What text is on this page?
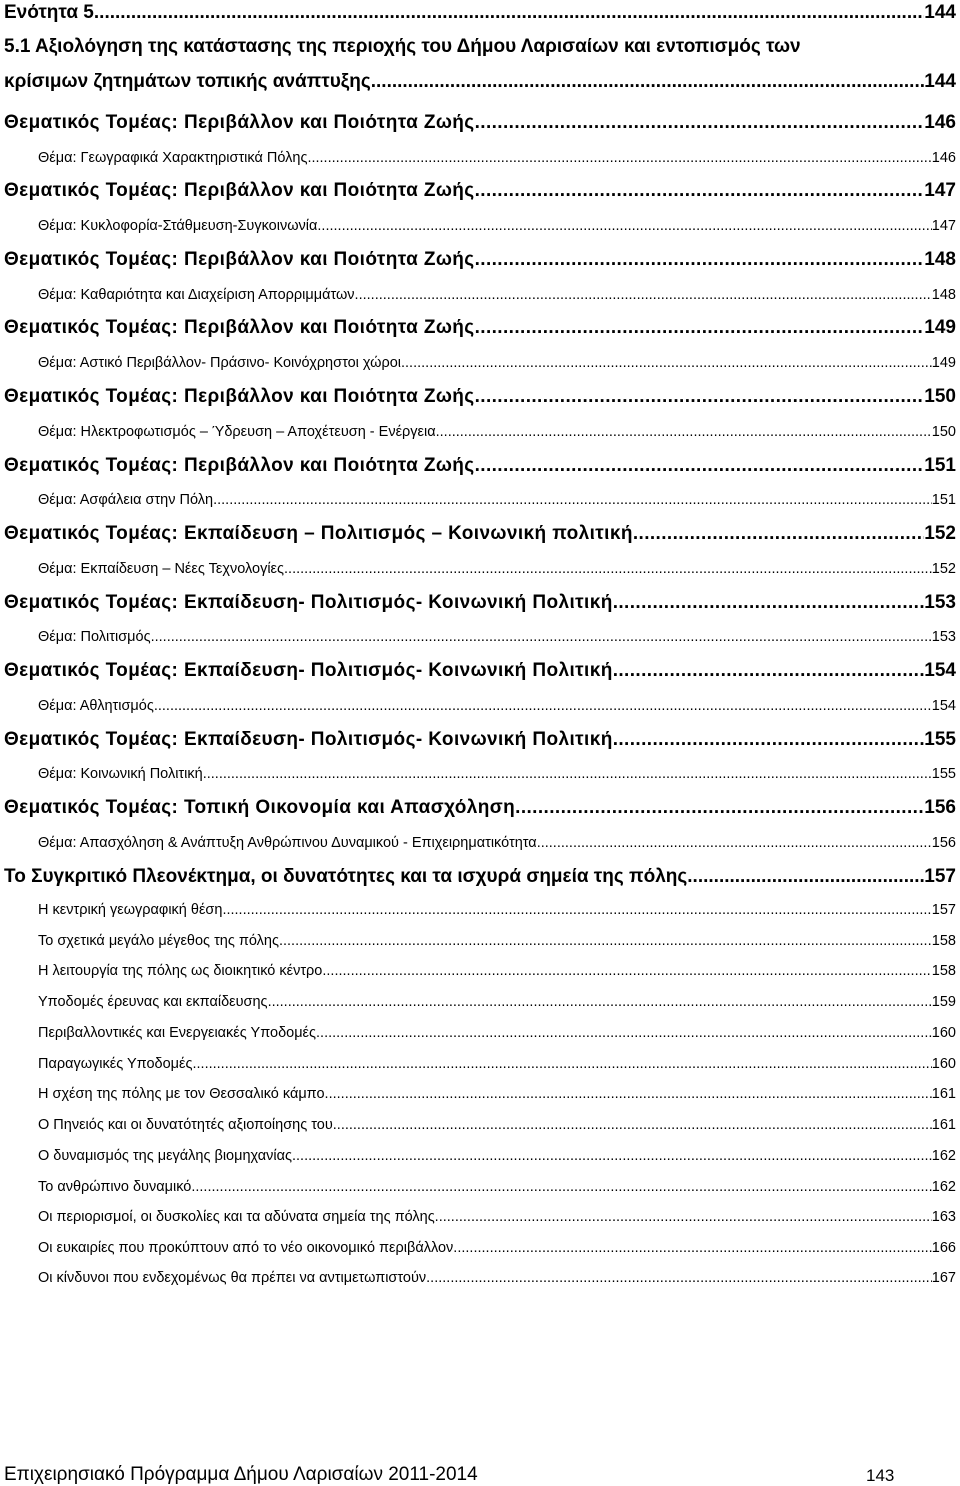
Ενότητα 5 .....	144
5.1 Αξιολόγηση της κατάστασης της περιοχής του Δήμου Λαρισαίων και εντοπισμός των
κρίσιμων ζητημάτων τοπικής ανάπτυξης .....	144
Θεματικός Τομέας: Περιβάλλον και Ποιότητα Ζωής. .....	146
Θέμα: Γεωγραφικά Χαρακτηριστικά Πόλης. .....	146
Θεματικός Τομέας: Περιβάλλον και Ποιότητα Ζωής. .....	147
Θέμα: Κυκλοφορία-Στάθμευση-Συγκοινωνία. .....	147
Θεματικός Τομέας: Περιβάλλον και Ποιότητα Ζωής. .....	148
Θέμα: Καθαριότητα και Διαχείριση Απορριμμάτων. .....	148
Θεματικός Τομέας: Περιβάλλον και Ποιότητα Ζωής. .....	149
Θέμα: Αστικό Περιβάλλον- Πράσινο- Κοινόχρηστοι χώροι. .....	149
Θεματικός Τομέας: Περιβάλλον και Ποιότητα Ζωής. .....	150
Θέμα: Ηλεκτροφωτισμός – Ύδρευση – Αποχέτευση - Ενέργεια. .....	150
Θεματικός Τομέας: Περιβάλλον και Ποιότητα Ζωής. .....	151
Θέμα: Ασφάλεια στην Πόλη. .....	151
Θεματικός Τομέας: Εκπαίδευση – Πολιτισμός – Κοινωνική πολιτική. .....	152
Θέμα: Εκπαίδευση – Νέες Τεχνολογίες. .....	152
Θεματικός Τομέας: Εκπαίδευση- Πολιτισμός- Κοινωνική Πολιτική. .....	153
Θέμα: Πολιτισμός. .....	153
Θεματικός Τομέας: Εκπαίδευση- Πολιτισμός- Κοινωνική Πολιτική .....	154
Θέμα: Αθλητισμός. .....	154
Θεματικός Τομέας: Εκπαίδευση- Πολιτισμός- Κοινωνική Πολιτική .....	155
Θέμα: Κοινωνική Πολιτική. .....	155
Θεματικός Τομέας: Τοπική Οικονομία και Απασχόληση. .....	156
Θέμα: Απασχόληση & Ανάπτυξη Ανθρώπινου Δυναμικού - Επιχειρηματικότητα .....	156
Το Συγκριτικό Πλεονέκτημα, οι δυνατότητες και τα ισχυρά σημεία της πόλης. .....	157
Η κεντρική γεωγραφική θέση .....	157
Το σχετικά μεγάλο μέγεθος της πόλης. .....	158
Η λειτουργία της πόλης ως διοικητικό κέντρο. .....	158
Υποδομές έρευνας και εκπαίδευσης .....	159
Περιβαλλοντικές και Ενεργειακές Υποδομές .....	160
Παραγωγικές Υποδομές .....	160
Η σχέση της πόλης με τον Θεσσαλικό κάμπο. .....	161
Ο Πηνειός και οι δυνατότητές αξιοποίησης του .....	161
Ο δυναμισμός της μεγάλης βιομηχανίας. .....	162
Το ανθρώπινο δυναμικό .....	162
Οι περιορισμοί, οι δυσκολίες και τα αδύνατα σημεία της πόλης. .....	163
Οι ευκαιρίες που προκύπτουν από το νέο οικονομικό περιβάλλον. .....	166
Οι κίνδυνοι που ενδεχομένως θα πρέπει να αντιμετωπιστούν. .....	167
Επιχειρησιακό Πρόγραμμα Δήμου Λαρισαίων 2011-2014	143
